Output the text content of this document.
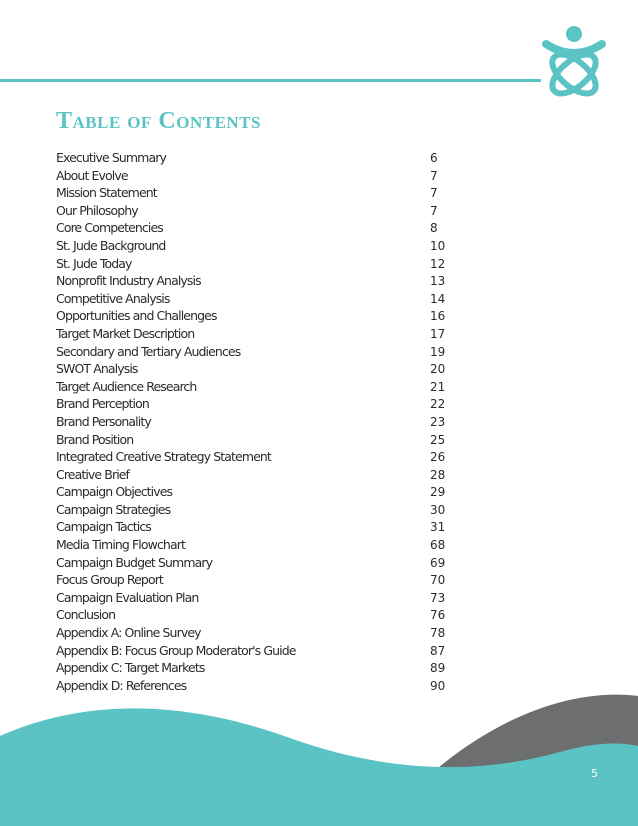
Table of Contents
Executive Summary	6
About Evolve	7
Mission Statement	7
Our Philosophy	7
Core Competencies	8
St. Jude Background	10
St. Jude Today	12
Nonprofit Industry Analysis	13
Competitive Analysis	14
Opportunities and Challenges	16
Target Market Description	17
Secondary and Tertiary Audiences	19
SWOT Analysis	20
Target Audience Research	21
Brand Perception	22
Brand Personality	23
Brand Position	25
Integrated Creative Strategy Statement	26
Creative Brief	28
Campaign Objectives	29
Campaign Strategies	30
Campaign Tactics	31
Media Timing Flowchart	68
Campaign Budget Summary	69
Focus Group Report	70
Campaign Evaluation Plan	73
Conclusion	76
Appendix A: Online Survey	78
Appendix B: Focus Group Moderator's Guide	87
Appendix C: Target Markets	89
Appendix D: References	90
5
